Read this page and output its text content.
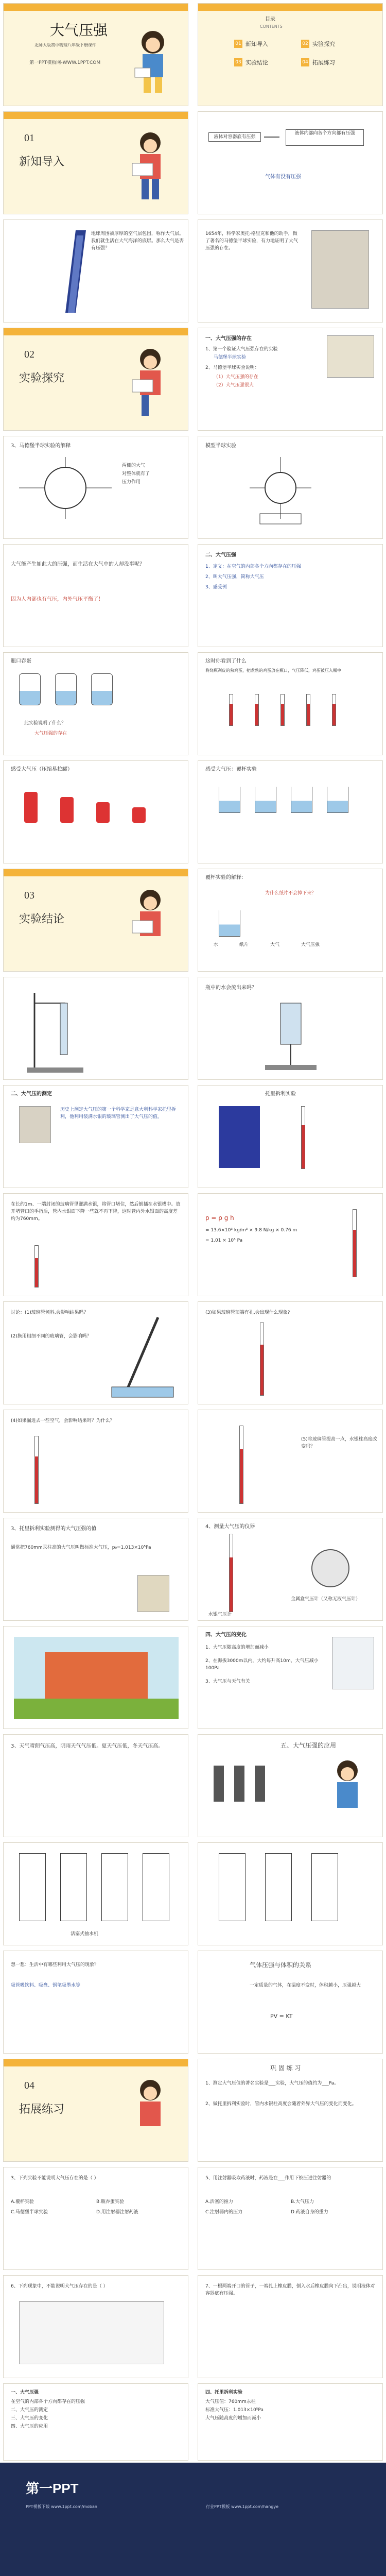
大气压强
北师大版初中物理八年级下册课件
第一PPT模板网-WWW.1PPT.COM
目录
CONTENTS
01 新知导入	02 实验探究
03 实验结论	04 拓展练习
01
新知导入
液体对容器底有压强
液体内部向各个方向都有压强
气体有没有压强
地球周围被厚厚的空气层包围，称作大气层。我们就生活在大气海洋的底层。那么大气是否有压强？
1654年，科学家奥托·格里克和他的助手，做了著名的马德堡半球实验，有力地证明了大气压强的存在。
02
实验探究
一、大气压强的存在
1、第一个验证大气压强存在的实验
马德堡半球实验
2、马德堡半球实验说明：
（1）大气压强的存在
（2）大气压强很大
3、马德堡半球实验的解释
两侧的大气
对整体就有了
压力作用
模型半球实验
大气能产生如此大的压强，而生活在大气中的人却没事呢？
因为人内部也有气压，内外气压平衡了！
二、大气压强
1、定义：在空气的内部各个方向都存在的压强
2、叫大气压强，简称大气压
3、感受例
瓶口吞蛋
此实验说明了什么？
大气压强的存在
这时你看到了什么
将烧瓶剥皮的熟鸡蛋，把煮熟的鸡蛋放在瓶口，气压降低，鸡蛋被压入瓶中
感受大气压（压缩易拉罐）	感受大气压：覆杯实验
03
实验结论
覆杯实验的解释：
为什么纸片不会掉下来？
水	纸片	大气	大气压强
瓶中的水会流出来吗？
二、大气压的测定
历史上测定大气压的第一个科学家是意大利科学家托里拆利，他利用装满水银的玻璃管测出了大气压的值。
托里拆利实验
在长约1m、一端封闭的玻璃管里灌满水银，将管口堵住，然后倒插在水银槽中。放开堵管口的手指后，管内水银面下降一些就不再下降，这时管内外水银面的高度差约为760mm。	p = ρ g h
= 13.6×10³ kg/m³ × 9.8 N/kg × 0.76 m
= 1.01 × 10⁵ Pa
讨论：(1)玻璃管倾斜,会影响结果吗？
(2)换用粗细不同的玻璃管，会影响吗？
(3)如果玻璃管顶端有孔,会出现什么现象?
(4)如果漏进去一些空气，会影响结果吗？为什么？
(5)将玻璃管提高一点，水银柱高度改变吗？
3、托里拆利实验测得的大气压强的值
通常把760mm汞柱高的大气压叫做标准大气压，p₀=1.013×10⁵Pa
4、测量大气压的仪器
水银气压计
金属盒气压计（又称无液气压计）
四、大气压的变化
1、大气压随高度的增加而减小
2、在海拔3000m以内，大约每升高10m，大气压减小100Pa
3、大气压与天气有关
3、天气晴朗气压高，阴雨天气气压低。夏天气压低，冬天气压高。	五、大气压强的应用
活塞式抽水机
想一想：生活中有哪些利用大气压的现象？
吸管吸饮料、吸盘、钢笔吸墨水等
气体压强与体积的关系
一定质量的气体，在温度不变时，体积越小，压强越大
PV = KT
04
拓展练习
巩 固 练 习
1、测定大气压值的著名实验是___实验，大气压的值约为___Pa。
2、做托里拆利实验时，管内水银柱高度会随着外界大气压的变化而变化。
3、下列实验不能说明大气压存在的是（ ）
A.覆杯实验	B.瓶吞蛋实验
C.马德堡半球实验	D.用注射器注射药液
5、用注射器吸取药液时，药液是在___作用下被压进注射器的
A.活塞的推力	B.大气压力
C.注射器内的压力	D.药液自身的重力
6、下列现象中，不能说明大气压存在的是（ ）	7、一根两端开口的管子，一端扎上橡皮膜，倒入水后橡皮膜向下凸出，说明液体对容器底有压强。
一、大气压强
在空气的内部各个方向都存在的压强
二、大气压的测定
三、大气压的变化
四、大气压的应用
四、托里拆利实验
大气压值：760mm汞柱
标准大气压：1.013×10⁵Pa
大气压随高度的增加而减小
第一PPT
PPT模板下载 www.1ppt.com/moban	行业PPT模板 www.1ppt.com/hangye
